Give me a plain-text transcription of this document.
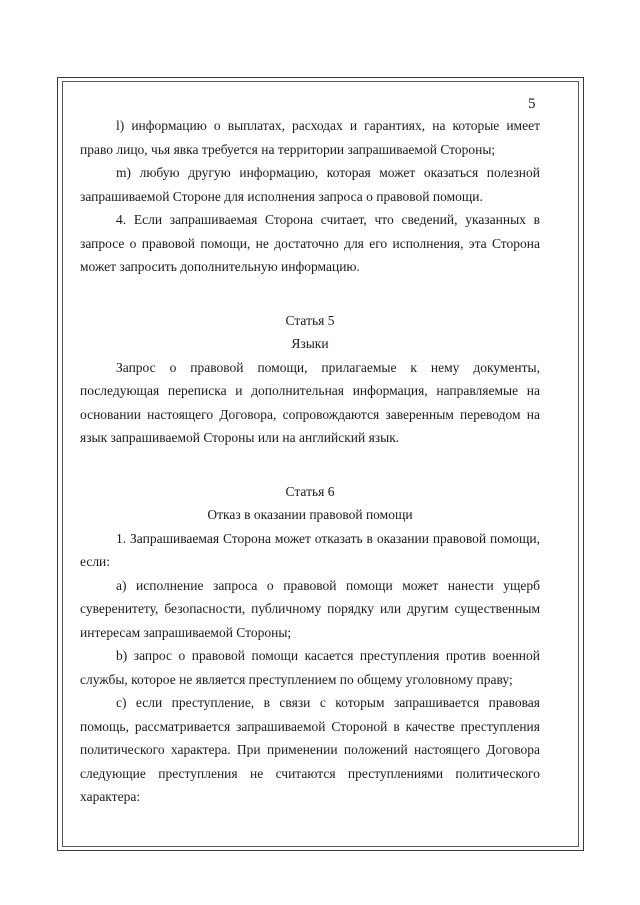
5

l) информацию о выплатах, расходах и гарантиях, на которые имеет право лицо, чья явка требуется на территории запрашиваемой Стороны;

m) любую другую информацию, которая может оказаться полезной запрашиваемой Стороне для исполнения запроса о правовой помощи.

4. Если запрашиваемая Сторона считает, что сведений, указанных в запросе о правовой помощи, не достаточно для его исполнения, эта Сторона может запросить дополнительную информацию.

Статья 5

Языки

Запрос о правовой помощи, прилагаемые к нему документы, последующая переписка и дополнительная информация, направляемые на основании настоящего Договора, сопровождаются заверенным переводом на язык запрашиваемой Стороны или на английский язык.

Статья 6

Отказ в оказании правовой помощи

1. Запрашиваемая Сторона может отказать в оказании правовой помощи, если:

a) исполнение запроса о правовой помощи может нанести ущерб суверенитету, безопасности, публичному порядку или другим существенным интересам запрашиваемой Стороны;

b) запрос о правовой помощи касается преступления против военной службы, которое не является преступлением по общему уголовному праву;

c) если преступление, в связи с которым запрашивается правовая помощь, рассматривается запрашиваемой Стороной в качестве преступления политического характера. При применении положений настоящего Договора следующие преступления не считаются преступлениями политического характера:
